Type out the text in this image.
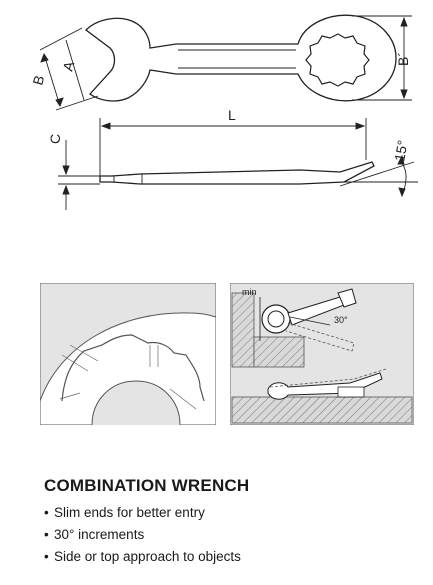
A
B
B´
L
C	15°
min
30°
COMBINATION WRENCH
• Slim ends for better entry
• 30° increments
• Side or top approach to objects
